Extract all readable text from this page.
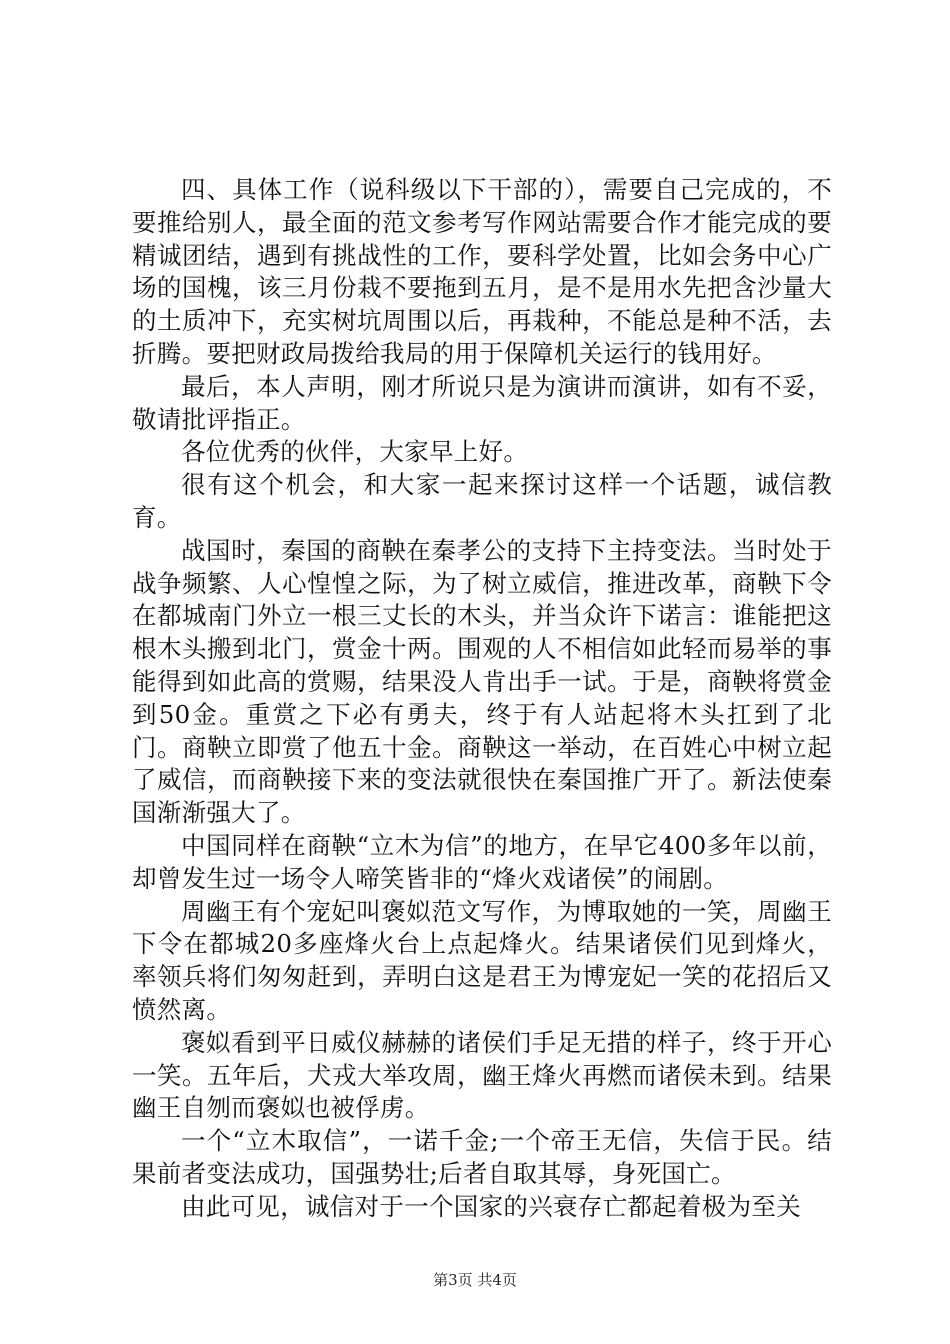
四、具体工作（说科级以下干部的），需要自己完成的，不要推给别人，最全面的范文参考写作网站需要合作才能完成的要精诚团结，遇到有挑战性的工作，要科学处置，比如会务中心广场的国槐，该三月份栽不要拖到五月，是不是用水先把含沙量大的土质冲下，充实树坑周围以后，再栽种，不能总是种不活，去折腾。要把财政局拨给我局的用于保障机关运行的钱用好。

最后，本人声明，刚才所说只是为演讲而演讲，如有不妥，敬请批评指正。

各位优秀的伙伴，大家早上好。

很有这个机会，和大家一起来探讨这样一个话题，诚信教育。

战国时，秦国的商鞅在秦孝公的支持下主持变法。当时处于战争频繁、人心惶惶之际，为了树立威信，推进改革，商鞅下令在都城南门外立一根三丈长的木头，并当众许下诺言：谁能把这根木头搬到北门，赏金十两。围观的人不相信如此轻而易举的事能得到如此高的赏赐，结果没人肯出手一试。于是，商鞅将赏金到50金。重赏之下必有勇夫，终于有人站起将木头扛到了北门。商鞅立即赏了他五十金。商鞅这一举动，在百姓心中树立起了威信，而商鞅接下来的变法就很快在秦国推广开了。新法使秦国渐渐强大了。

中国同样在商鞅“立木为信”的地方，在早它400多年以前，却曾发生过一场令人啼笑皆非的“烽火戏诸侯”的闹剧。

周幽王有个宠妃叫褒姒范文写作，为博取她的一笑，周幽王下令在都城20多座烽火台上点起烽火。结果诸侯们见到烽火，率领兵将们匆匆赶到，弄明白这是君王为博宠妃一笑的花招后又愤然离。

褒姒看到平日威仪赫赫的诸侯们手足无措的样子，终于开心一笑。五年后，犬戎大举攻周，幽王烽火再燃而诸侯未到。结果幽王自刎而褒姒也被俘虏。

一个“立木取信”，一诺千金;一个帝王无信，失信于民。结果前者变法成功，国强势壮;后者自取其辱，身死国亡。

由此可见，诚信对于一个国家的兴衰存亡都起着极为至关

第3页 共4页
